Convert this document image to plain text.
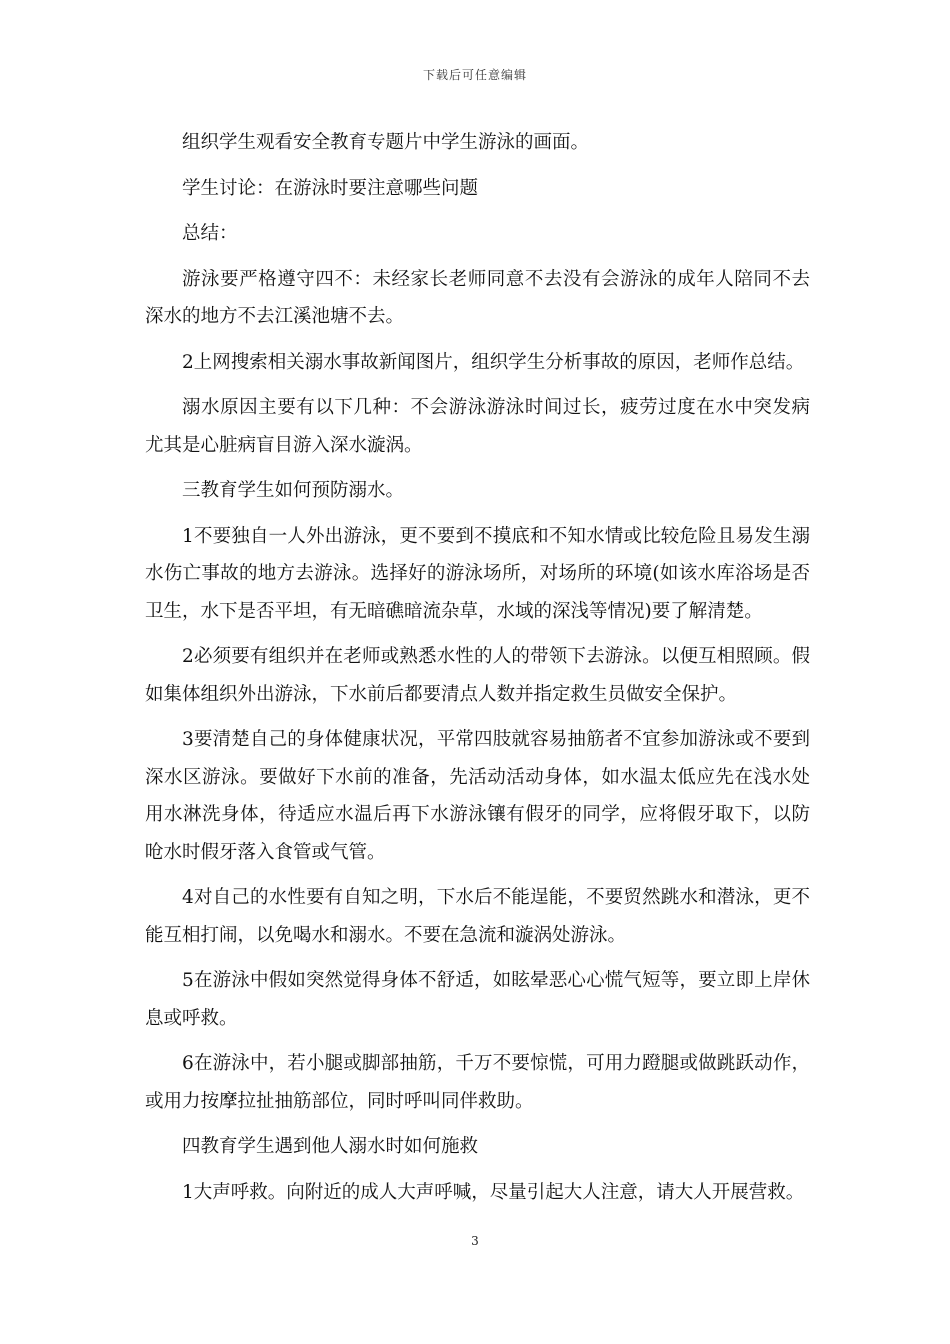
下载后可任意编辑

组织学生观看安全教育专题片中学生游泳的画面。

学生讨论：在游泳时要注意哪些问题

总结：

游泳要严格遵守四不：未经家长老师同意不去没有会游泳的成年人陪同不去深水的地方不去江溪池塘不去。

2上网搜索相关溺水事故新闻图片，组织学生分析事故的原因，老师作总结。

溺水原因主要有以下几种：不会游泳游泳时间过长，疲劳过度在水中突发病尤其是心脏病盲目游入深水漩涡。

三教育学生如何预防溺水。

1不要独自一人外出游泳，更不要到不摸底和不知水情或比较危险且易发生溺水伤亡事故的地方去游泳。选择好的游泳场所，对场所的环境(如该水库浴场是否卫生，水下是否平坦，有无暗礁暗流杂草，水域的深浅等情况)要了解清楚。

2必须要有组织并在老师或熟悉水性的人的带领下去游泳。以便互相照顾。假如集体组织外出游泳，下水前后都要清点人数并指定救生员做安全保护。

3要清楚自己的身体健康状况，平常四肢就容易抽筋者不宜参加游泳或不要到深水区游泳。要做好下水前的准备，先活动活动身体，如水温太低应先在浅水处用水淋洗身体，待适应水温后再下水游泳镶有假牙的同学，应将假牙取下，以防呛水时假牙落入食管或气管。

4对自己的水性要有自知之明，下水后不能逞能，不要贸然跳水和潜泳，更不能互相打闹，以免喝水和溺水。不要在急流和漩涡处游泳。

5在游泳中假如突然觉得身体不舒适，如眩晕恶心心慌气短等，要立即上岸休息或呼救。

6在游泳中，若小腿或脚部抽筋，千万不要惊慌，可用力蹬腿或做跳跃动作，或用力按摩拉扯抽筋部位，同时呼叫同伴救助。

四教育学生遇到他人溺水时如何施救

1大声呼救。向附近的成人大声呼喊，尽量引起大人注意，请大人开展营救。

3
